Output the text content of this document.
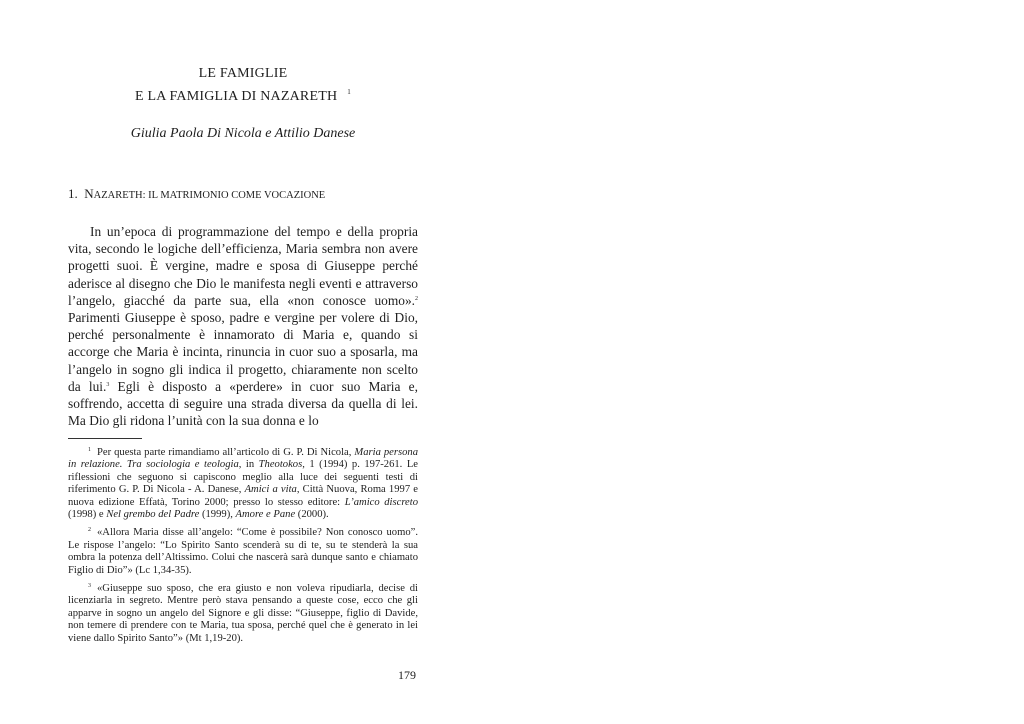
LE FAMIGLIE
E LA FAMIGLIA DI NAZARETH $^1$
Giulia Paola Di Nicola e Attilio Danese
1. NAZARETH: IL MATRIMONIO COME VOCAZIONE

In un’epoca di programmazione del tempo e della propria vita, secondo le logiche dell’efficienza, Maria sembra non avere progetti suoi. È vergine, madre e sposa di Giuseppe perché aderisce al disegno che Dio le manifesta negli eventi e attraverso l’angelo, giacché da parte sua, ella «non conosce uomo».$^2$ Parimenti Giuseppe è sposo, padre e vergine per volere di Dio, perché personalmente è innamorato di Maria e, quando si accorge che Maria è incinta, rinuncia in cuor suo a sposarla, ma l’angelo in sogno gli indica il progetto, chiaramente non scelto da lui.$^3$ Egli è disposto a «perdere» in cuor suo Maria e, soffrendo, accetta di seguire una strada diversa da quella di lei. Ma Dio gli ridona l’unità con la sua donna e lo

$^1$ Per questa parte rimandiamo all’articolo di G. P. Di Nicola, Maria persona in relazione. Tra sociologia e teologia, in Theotokos, 1 (1994) p. 197-261. Le riflessioni che seguono si capiscono meglio alla luce dei seguenti testi di riferimento G. P. Di Nicola - A. Danese, Amici a vita, Città Nuova, Roma 1997 e nuova edizione Effatà, Torino 2000; presso lo stesso editore: L’amico discreto (1998) e Nel grembo del Padre (1999), Amore e Pane (2000).

$^2$ «Allora Maria disse all’angelo: “Come è possibile? Non conosco uomo”. Le rispose l’angelo: “Lo Spirito Santo scenderà su di te, su te stenderà la sua ombra la potenza dell’Altissimo. Colui che nascerà sarà dunque santo e chiamato Figlio di Dio”» (Lc 1,34-35).

$^3$ «Giuseppe suo sposo, che era giusto e non voleva ripudiarla, decise di licenziarla in segreto. Mentre però stava pensando a queste cose, ecco che gli apparve in sogno un angelo del Signore e gli disse: “Giuseppe, figlio di Davide, non temere di prendere con te Maria, tua sposa, perché quel che è generato in lei viene dallo Spirito Santo”» (Mt 1,19-20).

179
